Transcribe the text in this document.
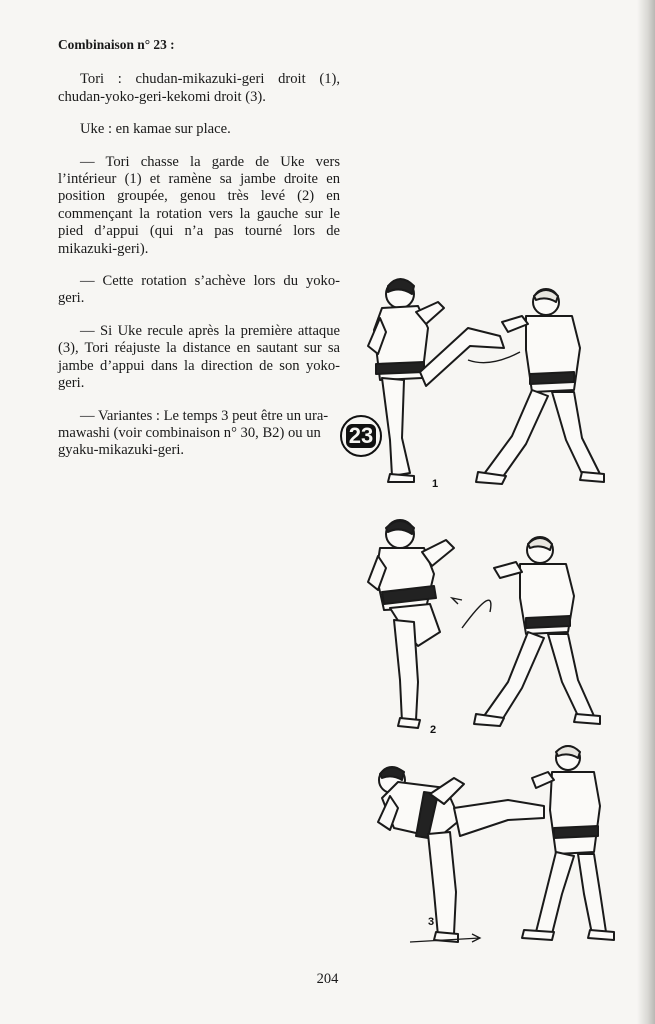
Combinaison n° 23 :

Tori : chudan-mikazuki-geri droit (1), chudan-yoko-geri-kekomi droit (3).

Uke : en kamae sur place.

— Tori chasse la garde de Uke vers l’intérieur (1) et ramène sa jambe droite en position groupée, genou très levé (2) en commençant la rotation vers la gauche sur le pied d’appui (qui n’a pas tourné lors de mikazuki-geri).

— Cette rotation s’achève lors du yoko-geri.

— Si Uke recule après la première attaque (3), Tori réajuste la distance en sautant sur sa jambe d’appui dans la direction de son yoko-geri.

— Variantes : Le temps 3 peut être un ura-mawashi (voir combinaison n° 30, B2) ou un gyaku-mikazuki-geri.

23
1
2
3
204
